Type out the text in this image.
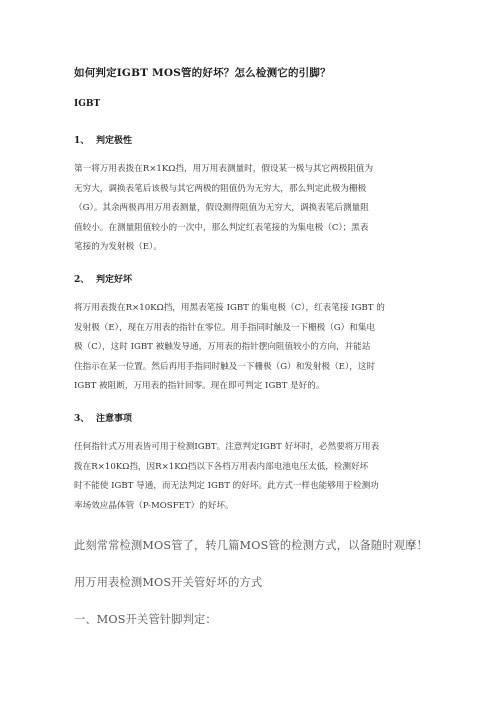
如何判定IGBT MOS管的好坏？怎么检测它的引脚？
IGBT
1、 判定极性
第一将万用表拨在R×1KΩ挡，用万用表测量时，假设某一极与其它两极阻值为
无穷大，调换表笔后该极与其它两极的阻值仍为无穷大，那么判定此极为栅极
（G）。其余两极再用万用表测量，假设测得阻值为无穷大，调换表笔后测量阻
值较小。在测量阻值较小的一次中，那么判定红表笔接的为集电极（C）；黑表
笔接的为发射极（E）。
2、 判定好坏
将万用表拨在R×10KΩ挡，用黑表笔接 IGBT 的集电极（C），红表笔接 IGBT 的
发射极（E），现在万用表的指针在零位。用手指同时触及一下栅极（G）和集电
极（C），这时 IGBT 被触发导通，万用表的指针摆向阻值较小的方向，并能站
住指示在某一位置。然后再用手指同时触及一下栅极（G）和发射极（E），这时
IGBT 被阻断，万用表的指针回零。现在即可判定 IGBT 是好的。
3、 注意事项
任何指针式万用表皆可用于检测IGBT。注意判定IGBT 好坏时，必然要将万用表
拨在R×10KΩ挡，因R×1KΩ挡以下各档万用表内部电池电压太低，检测好坏
时不能使 IGBT 导通，而无法判定 IGBT 的好坏。此方式一样也能够用于检测功
率场效应晶体管（P-MOSFET）的好坏。
此刻常常检测MOS管了，转几篇MOS管的检测方式，以备随时观摩！
用万用表检测MOS开关管好坏的方式
一、MOS开关管针脚判定：
